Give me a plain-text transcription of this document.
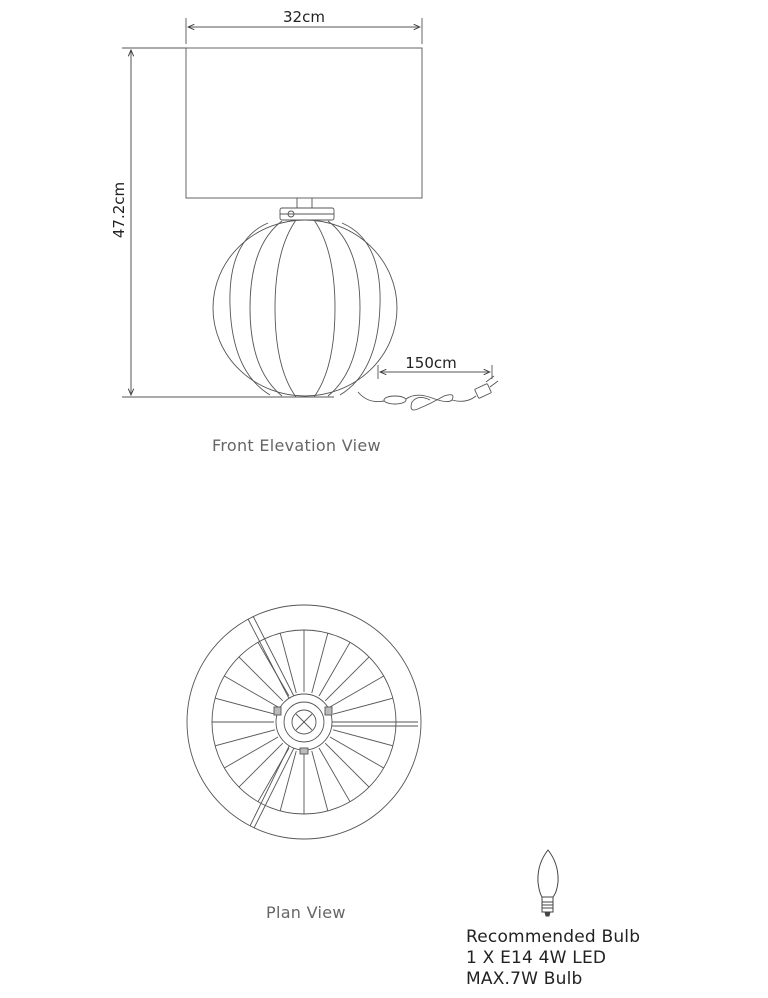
32cm
47.2cm
150cm
Front Elevation View
Plan View
Recommended Bulb
1 X E14 4W LED
MAX.7W Bulb
